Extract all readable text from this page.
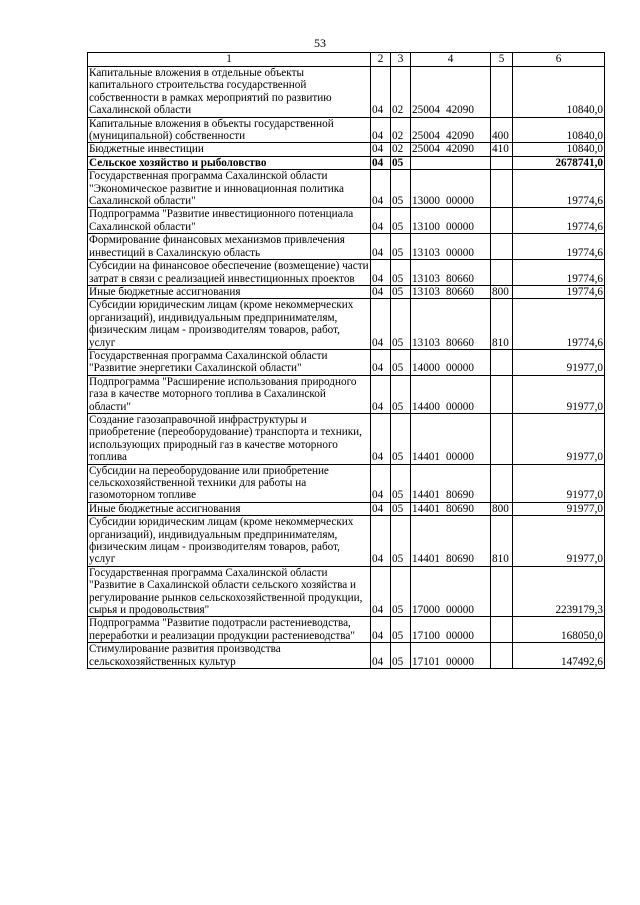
53
1	2	3	4	5	6
Капитальные вложения в отдельные объекты капитального строительства государственной собственности в рамках мероприятий по развитию Сахалинской области	04	02	25004 42090		10840,0
Капитальные вложения в объекты государственной (муниципальной) собственности	04	02	25004 42090	400	10840,0
Бюджетные инвестиции	04	02	25004 42090	410	10840,0
Сельское хозяйство и рыболовство	04	05			2678741,0
Государственная программа Сахалинской области "Экономическое развитие и инновационная политика Сахалинской области"	04	05	13000 00000		19774,6
Подпрограмма "Развитие инвестиционного потенциала Сахалинской области"	04	05	13100 00000		19774,6
Формирование финансовых механизмов привлечения инвестиций в Сахалинскую область	04	05	13103 00000		19774,6
Субсидии на финансовое обеспечение (возмещение) части затрат в связи с реализацией инвестиционных проектов	04	05	13103 80660		19774,6
Иные бюджетные ассигнования	04	05	13103 80660	800	19774,6
Субсидии юридическим лицам (кроме некоммерческих организаций), индивидуальным предпринимателям, физическим лицам - производителям товаров, работ, услуг	04	05	13103 80660	810	19774,6
Государственная программа Сахалинской области "Развитие энергетики Сахалинской области"	04	05	14000 00000		91977,0
Подпрограмма "Расширение использования природного газа в качестве моторного топлива в Сахалинской области"	04	05	14400 00000		91977,0
Создание газозаправочной инфраструктуры и приобретение (переоборудование) транспорта и техники, использующих природный газ в качестве моторного топлива	04	05	14401 00000		91977,0
Субсидии на переоборудование или приобретение сельскохозяйственной техники для работы на газомоторном топливе	04	05	14401 80690		91977,0
Иные бюджетные ассигнования	04	05	14401 80690	800	91977,0
Субсидии юридическим лицам (кроме некоммерческих организаций), индивидуальным предпринимателям, физическим лицам - производителям товаров, работ, услуг	04	05	14401 80690	810	91977,0
Государственная программа Сахалинской области "Развитие в Сахалинской области сельского хозяйства и регулирование рынков сельскохозяйственной продукции, сырья и продовольствия"	04	05	17000 00000		2239179,3
Подпрограмма "Развитие подотрасли растениеводства, переработки и реализации продукции растениеводства"	04	05	17100 00000		168050,0
Стимулирование развития производства сельскохозяйственных культур	04	05	17101 00000		147492,6
